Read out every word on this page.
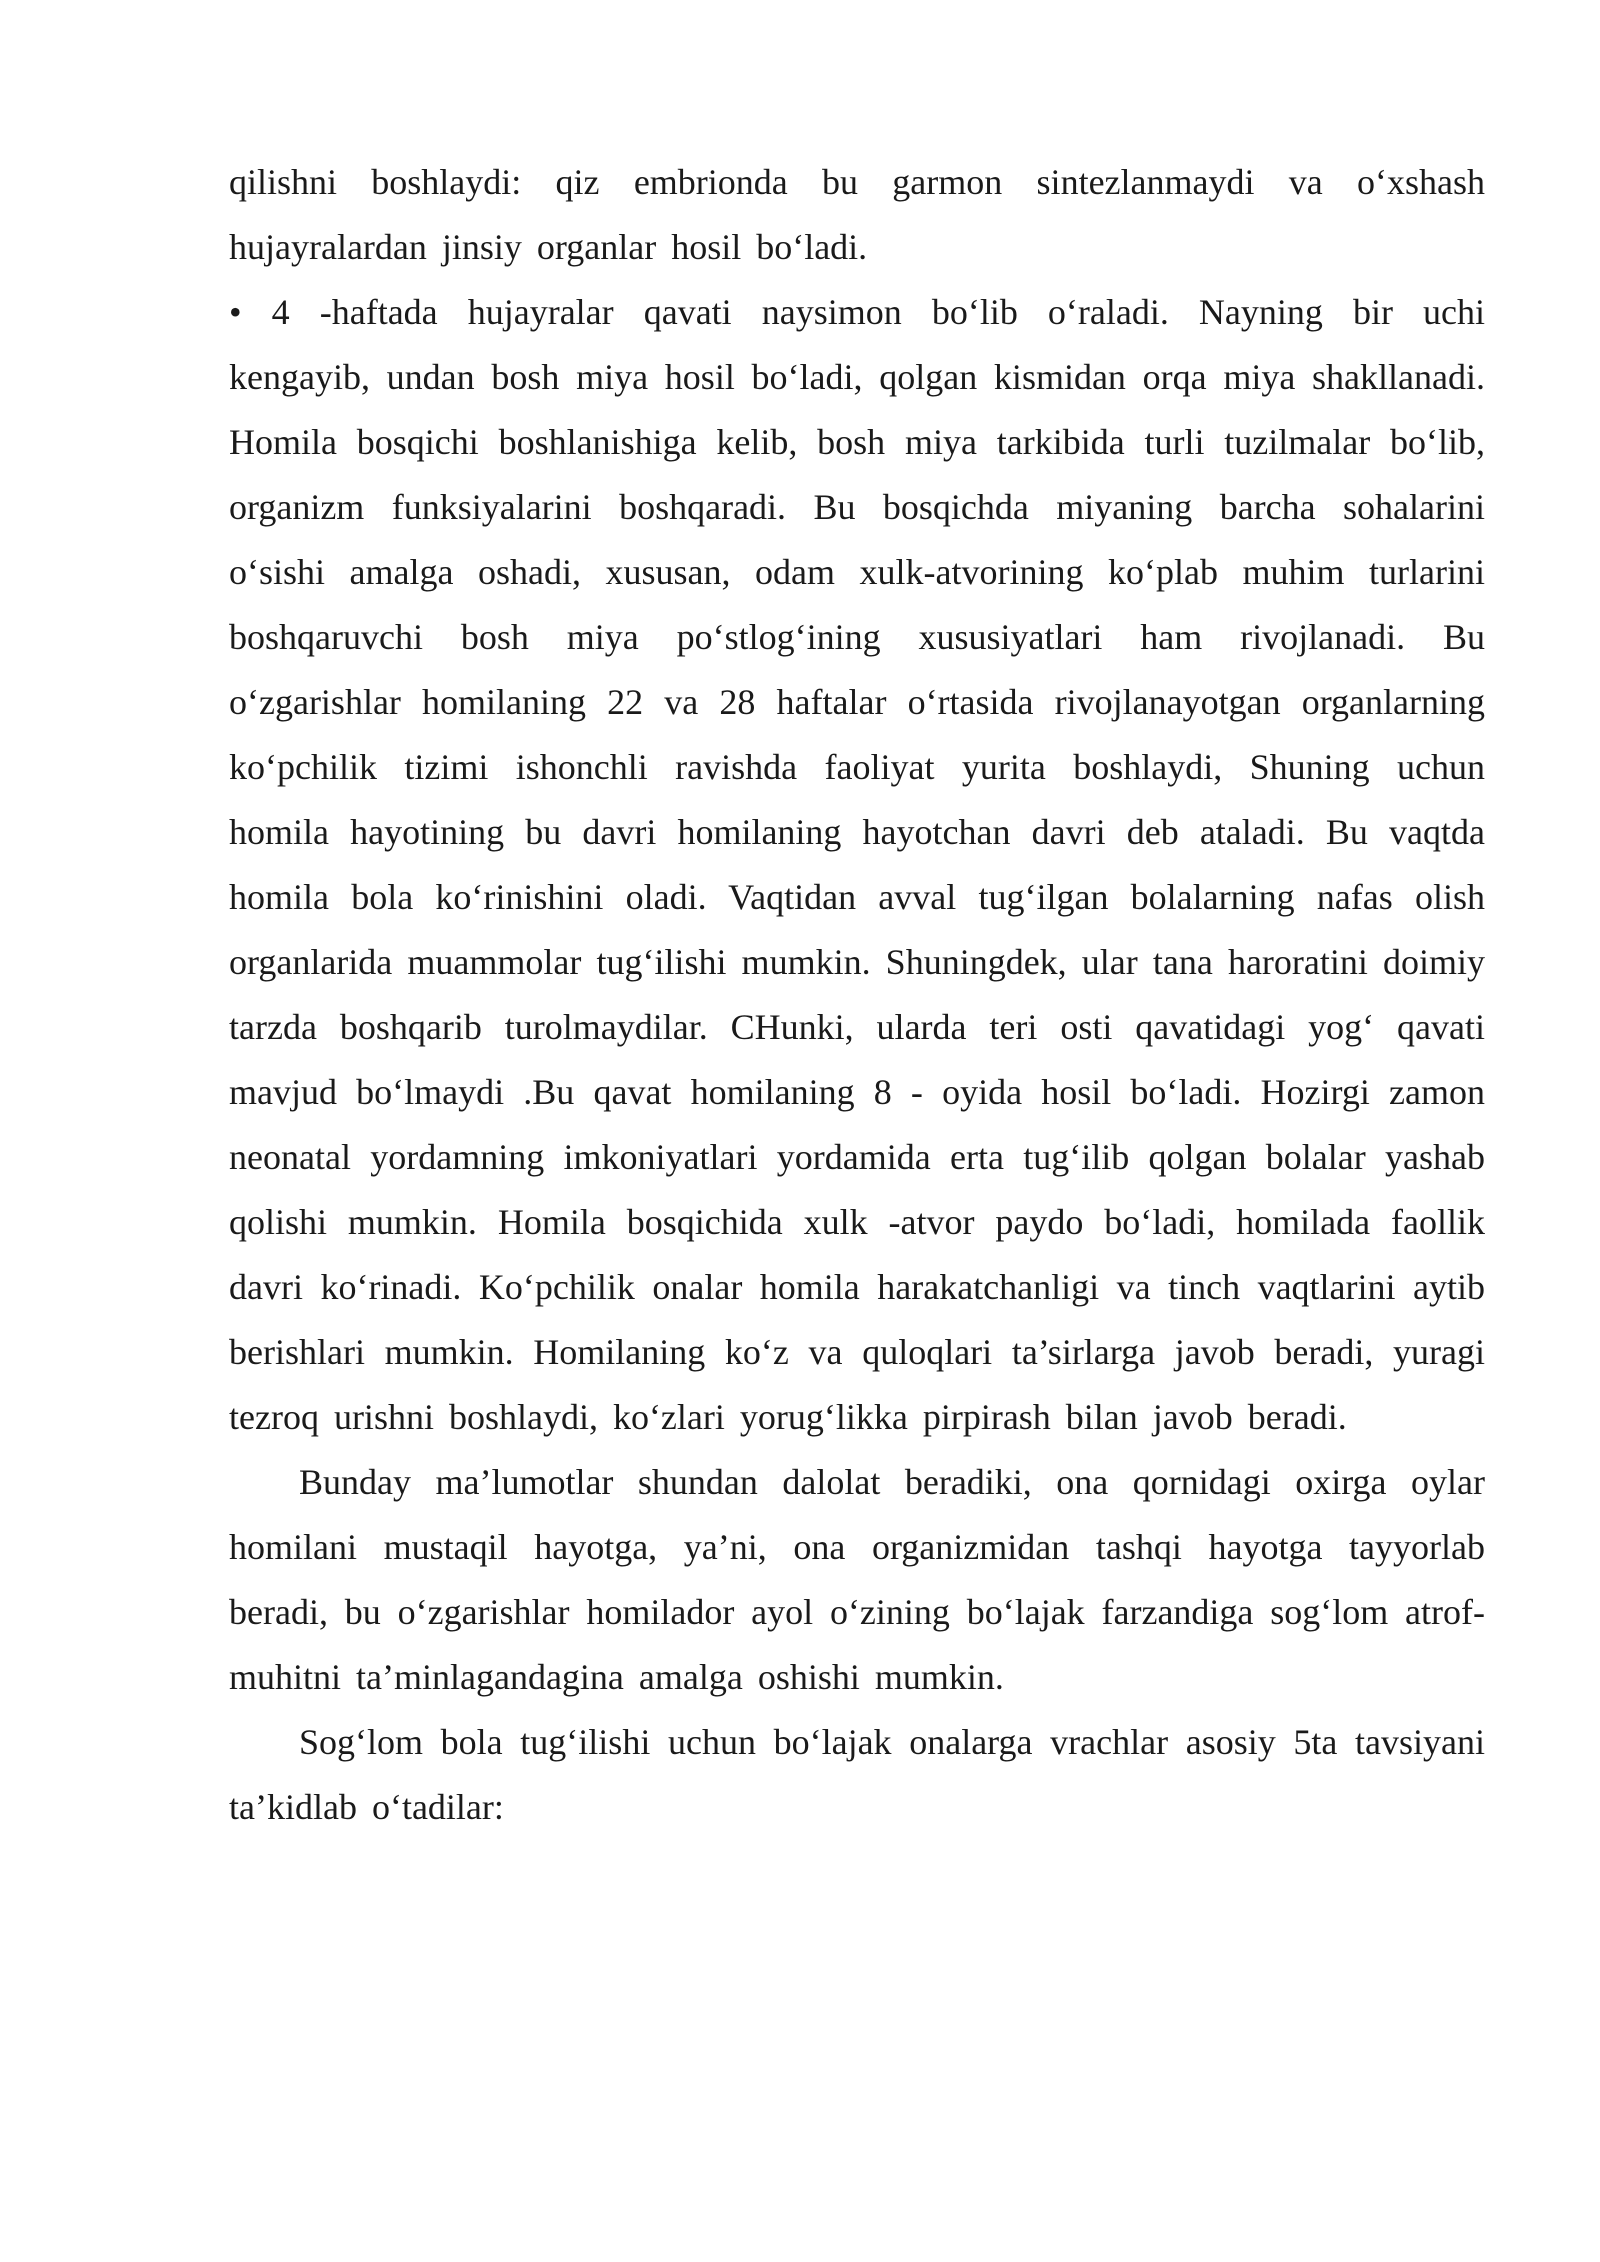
qilishni boshlaydi: qiz embrionda bu garmon sintezlanmaydi va o‘xshash hujayralardan jinsiy organlar hosil bo‘ladi.

• 4 -haftada hujayralar qavati naysimon bo‘lib o‘raladi. Nayning bir uchi kengayib, undan bosh miya hosil bo‘ladi, qolgan kismidan orqa miya shakllanadi. Homila bosqichi boshlanishiga kelib, bosh miya tarkibida turli tuzilmalar bo‘lib, organizm funksiyalarini boshqaradi. Bu bosqichda miyaning barcha sohalarini o‘sishi amalga oshadi, xususan, odam xulk-atvorining ko‘plab muhim turlarini boshqaruvchi bosh miya po‘stlog‘ining xususiyatlari ham rivojlanadi. Bu o‘zgarishlar homilaning 22 va 28 haftalar o‘rtasida rivojlanayotgan organlarning ko‘pchilik tizimi ishonchli ravishda faoliyat yurita boshlaydi, Shuning uchun homila hayotining bu davri homilaning hayotchan davri deb ataladi. Bu vaqtda homila bola ko‘rinishini oladi. Vaqtidan avval tug‘ilgan bolalarning nafas olish organlarida muammolar tug‘ilishi mumkin. Shuningdek, ular tana haroratini doimiy tarzda boshqarib turolmaydilar. CHunki, ularda teri osti qavatidagi yog‘ qavati mavjud bo‘lmaydi .Bu qavat homilaning 8 - oyida hosil bo‘ladi. Hozirgi zamon neonatal yordamning imkoniyatlari yordamida erta tug‘ilib qolgan bolalar yashab qolishi mumkin. Homila bosqichida xulk -atvor paydo bo‘ladi, homilada faollik davri ko‘rinadi. Ko‘pchilik onalar homila harakatchanligi va tinch vaqtlarini aytib berishlari mumkin. Homilaning ko‘z va quloqlari ta’sirlarga javob beradi, yuragi tezroq urishni boshlaydi, ko‘zlari yorug‘likka pirpirash bilan javob beradi.

Bunday ma’lumotlar shundan dalolat beradiki, ona qornidagi oxirga oylar homilani mustaqil hayotga, ya’ni, ona organizmidan tashqi hayotga tayyorlab beradi, bu o‘zgarishlar homilador ayol o‘zining bo‘lajak farzandiga sog‘lom atrof-muhitni ta’minlagandagina amalga oshishi mumkin.

Sog‘lom bola tug‘ilishi uchun bo‘lajak onalarga vrachlar asosiy 5ta tavsiyani ta’kidlab o‘tadilar:
